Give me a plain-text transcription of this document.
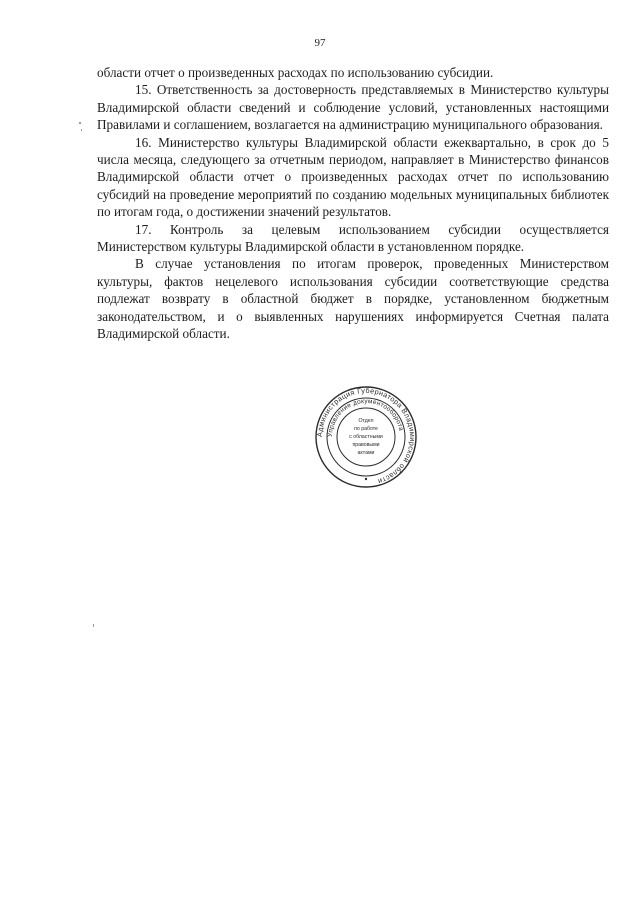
97

области отчет о произведенных расходах по использованию субсидии.

15. Ответственность за достоверность представляемых в Министерство культуры Владимирской области сведений и соблюдение условий, установленных настоящими Правилами и соглашением, возлагается на администрацию муниципального образования.

16. Министерство культуры Владимирской области ежеквартально, в срок до 5 числа месяца, следующего за отчетным периодом, направляет в Министерство финансов Владимирской области отчет о произведенных расходах отчет по использованию субсидий на проведение мероприятий по созданию модельных муниципальных библиотек по итогам года, о достижении значений результатов.

17. Контроль за целевым использованием субсидии осуществляется Министерством культуры Владимирской области в установленном порядке.

В случае установления по итогам проверок, проведенных Министерством культуры, фактов нецелевого использования субсидии соответствующие средства подлежат возврату в областной бюджет в порядке, установленном бюджетным законодательством, и о выявленных нарушениях информируется Счетная палата Владимирской области.

Администрация Губернатора Владимирской области
Управление документооборота
Отдел
по работе
с областными
правовыми
актами
